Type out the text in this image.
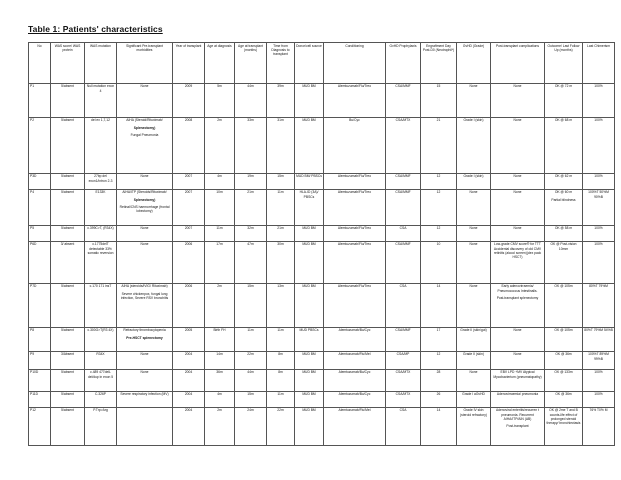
Table 1: Patients' characteristics
No	WAS score/ WAS protein	WAS mutation	Significant Pre-transplant morbidities	Year of transplant	Age at diagnosis	Age at transplant (months)	Time from Diagnosis to transplant	Donor/cell source	Conditioning	GvHD Prophylaxis	Engraftment Day Post-D0 (Neutrophil*)	GvHD (Grade)	Post-transplant complications	Outcome/ Last Follow Up (months)	Last Chimerism

P1	5/absent	Null mutation exon 4	None	2009	5m	44m	39m	MUD BM	Alemtuzumab/Flu/Treo	CSA/MMF	15	None	None	OK @ 72 m	100%

P2	5/absent	del ex 1,7,12	AIHA (Steroid/Rituximab/
Splenectomy)
Fungal Pneumonia	2008	2m	33m	31m	MUD BM	Bu/Cyc	CSA/MTX	21	Grade I (skin)	None	OK @ 68 m	100%

P3D	5/absent	27bp del exon1/intron 2-3	None	2007	4m	19m	15m	MUD BM/ PBSCs	Alemtuzumab/Flu/Treo	CSA/MMF	12	Grade I (skin)	None	OK @ 62 m	100%

P4	5/absent	E133K	AIHA/ITP (Steroids/Rituximab/
Splenectomy)
Retinal/CNS haemorrhage (frontal lobectomy)	2007	10m	21m	11m	HLA-ID (3A)/ PBSCs	Alemtuzumab/Flu/Treo	CSA/MMF	12	None	None	OK @ 60 m
Partial blindness	100%T 50%M 90%B

P5	5/absent	c.399C>T, (R34X)	None	2007	11m	32m	21m	MUD BM	Alemtuzumab/Flu/Treo	CSA	12	None	None	OK @ 58 m	100%

P6D	3/ absent	c.1775delT detectable 33% somatic reversion	None	2006	17m	47m	30m	MUD BM	Alemtuzumab/Flu/Treo	CSA/MMF	10	None	Low-grade CMV score® for TTT Accidental discovery of old CMV retinitis (alcool screen)(dex pack HSCT)	OK @ Post-vision 10mm	100%

P7D	5/absent	c.170 171 insT	AIHA (steroids/IVIG/ Rituximab)
Severe chickenpox, fungal lung infection, Severe RSV bronchitis	2006	2m	15m	13m	MUD BM	Alemtuzumab/Flu/Treo	CSA	14	None	Early adenovirraemia/ Pneumococcus Intestinalis.
Post-transplant splenectomy	OK @ 105m	80%T 79%M

P8	5/absent	c.300G>T(R3 4X)	Refractory thrombocytopenia
Pre-HSCT splenectomy	2005	Birth FH	11m	11m	MUD PBSCs	Alemtuzumab/Bu/Cyc	CSA/MMF	17	Grade II (skin/gut)	None	OK @ 105m	80%T 79%M 54%B

P9	3/Absent	R34X	None	2004	14m	22m	8m	MUD BM	Alemtuzumab/Flu/Mel	CSA/MP	12	Grade II (skin)	None	OK @ 36m	100%T 89%M 99%B

P10D	5/absent	c.489 477delL del/dup in exon 5	None	2004	36m	44m	8m	MUD BM	Alemtuzumab/Bu/Cyc	CSA/MTX	28	None	EBV LPD +MV Atypical Mycobacterium (pneumatopathy)	OK @ 133m	100%

P11D	5/absent	C.326P	Severe respiratory infection (MV)	2004	4m	15m	11m	MUD BM	Alemtuzumab/Bu/Cyc	CSA/MTX	26	Grade I aGvHD	Adenovirraemia/ pneumonia	OK @ 36m	100%

P12	5/absent	P.Trp>Arg		2004	2m	24m	22m	MUD BM	Alemtuzumab/Flu/Mel	CSA	14	Grade IV skin (steroid refractory)	Adenoviral enteritis/recurren t pneumonia. Recurrent AIHA/ITP/AIN (AB)
Post-transplant	OK @ 2me T and B counts-life effect of prolonged steroid therapy/ bronchiectasis	76% T0% M
